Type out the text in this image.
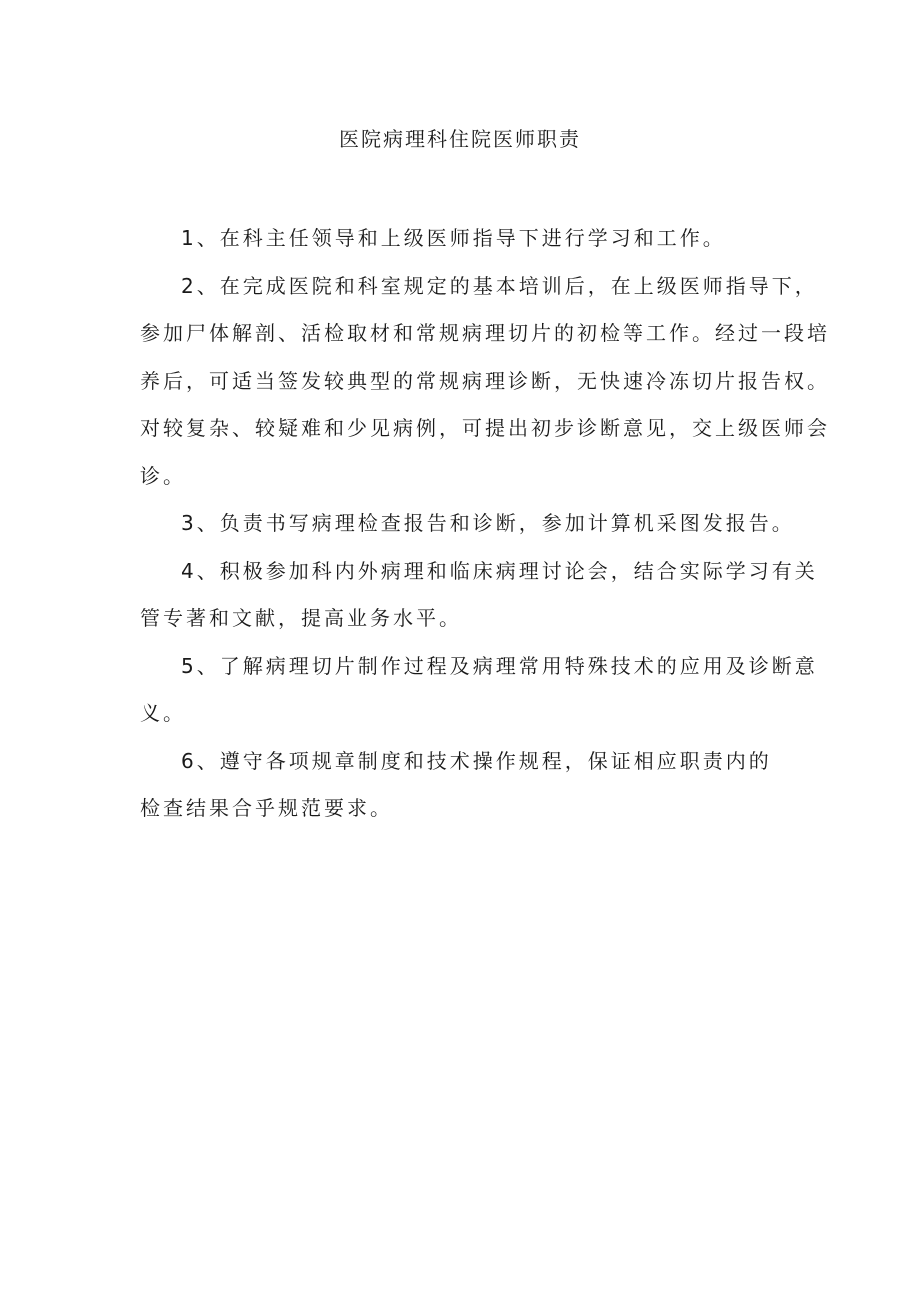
医院病理科住院医师职责

1、在科主任领导和上级医师指导下进行学习和工作。

2、在完成医院和科室规定的基本培训后，在上级医师指导下，
参加尸体解剖、活检取材和常规病理切片的初检等工作。经过一段培
养后，可适当签发较典型的常规病理诊断，无快速冷冻切片报告权。
对较复杂、较疑难和少见病例，可提出初步诊断意见，交上级医师会
诊。

3、负责书写病理检查报告和诊断，参加计算机采图发报告。

4、积极参加科内外病理和临床病理讨论会，结合实际学习有关
管专著和文献，提高业务水平。

5、了解病理切片制作过程及病理常用特殊技术的应用及诊断意
义。

6、遵守各项规章制度和技术操作规程，保证相应职责内的
检查结果合乎规范要求。
